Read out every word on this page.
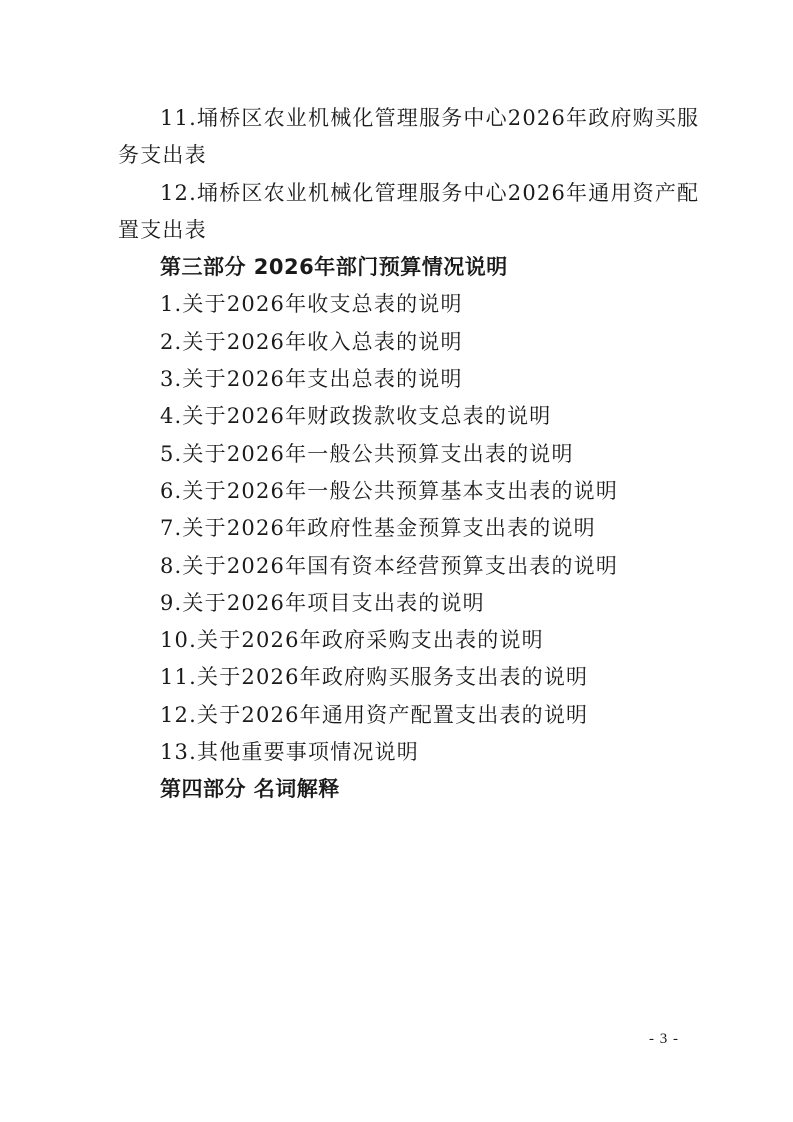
11.埇桥区农业机械化管理服务中心2026年政府购买服
务支出表
12.埇桥区农业机械化管理服务中心2026年通用资产配
置支出表
第三部分 2026年部门预算情况说明
1.关于2026年收支总表的说明
2.关于2026年收入总表的说明
3.关于2026年支出总表的说明
4.关于2026年财政拨款收支总表的说明
5.关于2026年一般公共预算支出表的说明
6.关于2026年一般公共预算基本支出表的说明
7.关于2026年政府性基金预算支出表的说明
8.关于2026年国有资本经营预算支出表的说明
9.关于2026年项目支出表的说明
10.关于2026年政府采购支出表的说明
11.关于2026年政府购买服务支出表的说明
12.关于2026年通用资产配置支出表的说明
13.其他重要事项情况说明
第四部分 名词解释
- 3 -
